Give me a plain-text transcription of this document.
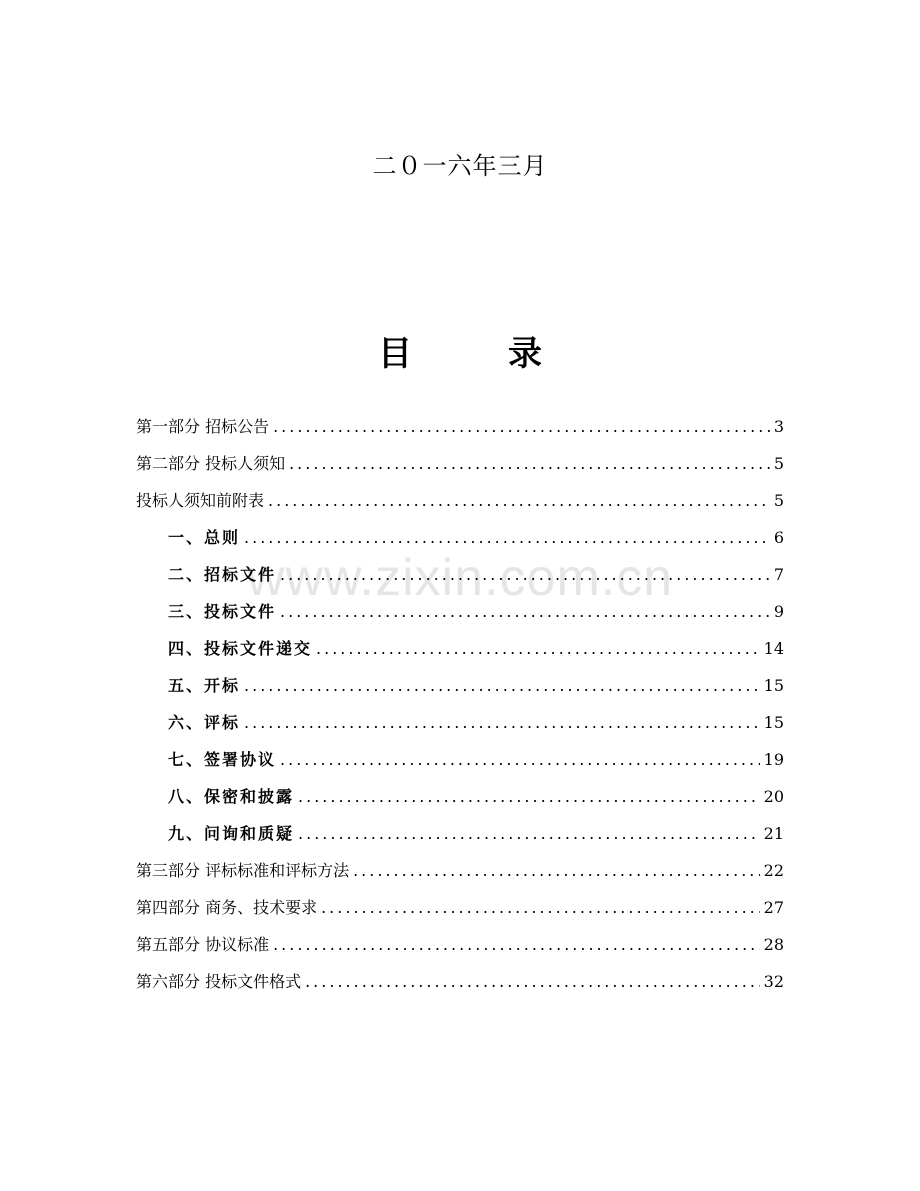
二０一六年三月
目	录
www.zixin.com.cn
第一部分 招标公告 .....	3
第二部分 投标人须知 .....	5
投标人须知前附表 .....	5
一、总则 .....	6
二、招标文件 .....	7
三、投标文件 .....	9
四、投标文件递交 .....	14
五、开标 .....	15
六、评标 .....	15
七、签署协议 .....	19
八、保密和披露 .....	20
九、问询和质疑 .....	21
第三部分 评标标准和评标方法 .....	22
第四部分 商务、技术要求 .....	27
第五部分 协议标准 .....	28
第六部分 投标文件格式 .....	32
